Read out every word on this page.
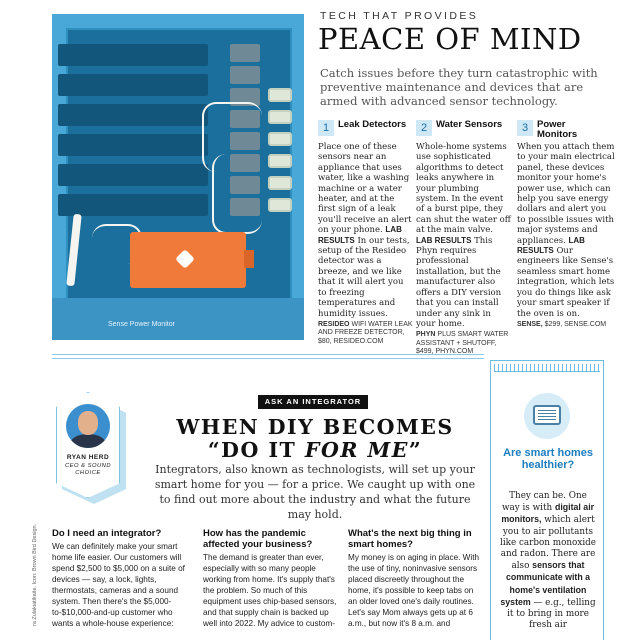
Sense Power Monitor
TECH THAT PROVIDES
PEACE OF MIND
Catch issues before they turn catastrophic with preventive maintenance and devices that are armed with advanced sensor technology.
1 Leak Detectors
Place one of these sensors near an appliance that uses water, like a washing machine or a water heater, and at the first sign of a leak you'll receive an alert on your phone. LAB RESULTS In our tests, setup of the Resideo detector was a breeze, and we like that it will alert you to freezing temperatures and humidity issues.
RESIDEO WIFI WATER LEAK AND FREEZE DETECTOR, $80, RESIDEO.COM
2 Water Sensors
Whole-home systems use sophisticated algorithms to detect leaks anywhere in your plumbing system. In the event of a burst pipe, they can shut the water off at the main valve. LAB RESULTS This Phyn requires professional installation, but the manufacturer also offers a DIY version that you can install under any sink in your home.
PHYN PLUS SMART WATER ASSISTANT + SHUTOFF, $499, PHYN.COM
3 Power Monitors
When you attach them to your main electrical panel, these devices monitor your home's power use, which can help you save energy dollars and alert you to possible issues with major systems and appliances. LAB RESULTS Our engineers like Sense's seamless smart home integration, which lets you do things like ask your smart speaker if the oven is on.
SENSE, $299, SENSE.COM
RYAN HERD
CEO & SOUND CHOICE
ASK AN INTEGRATOR
WHEN DIY BECOMES
“DO IT FOR ME”
Integrators, also known as technologists, will set up your smart home for you — for a price. We caught up with one to find out more about the industry and what the future may hold.
ra Zulakiatikaite. Icon: Brown Bird Design. Do I need an integrator?
We can definitely make your smart home life easier. Our customers will spend $2,500 to $5,000 on a suite of devices — say, a lock, lights, thermostats, cameras and a sound system. Then there's the $5,000-to-$10,000-and-up customer who wants a whole-house experience:
How has the pandemic affected your business?
The demand is greater than ever, especially with so many people working from home. It's supply that's the problem. So much of this equipment uses chip-based sensors, and that supply chain is backed up well into 2022. My advice to custom-
What's the next big thing in smart homes?
My money is on aging in place. With the use of tiny, noninvasive sensors placed discreetly throughout the home, it's possible to keep tabs on an older loved one's daily routines. Let's say Mom always gets up at 6 a.m., but now it's 8 a.m. and
Are smart homes healthier?
They can be. One way is with digital air monitors, which alert you to air pollutants like carbon monoxide and radon. There are also sensors that communicate with a home's ventilation system — e.g., telling it to bring in more fresh air
